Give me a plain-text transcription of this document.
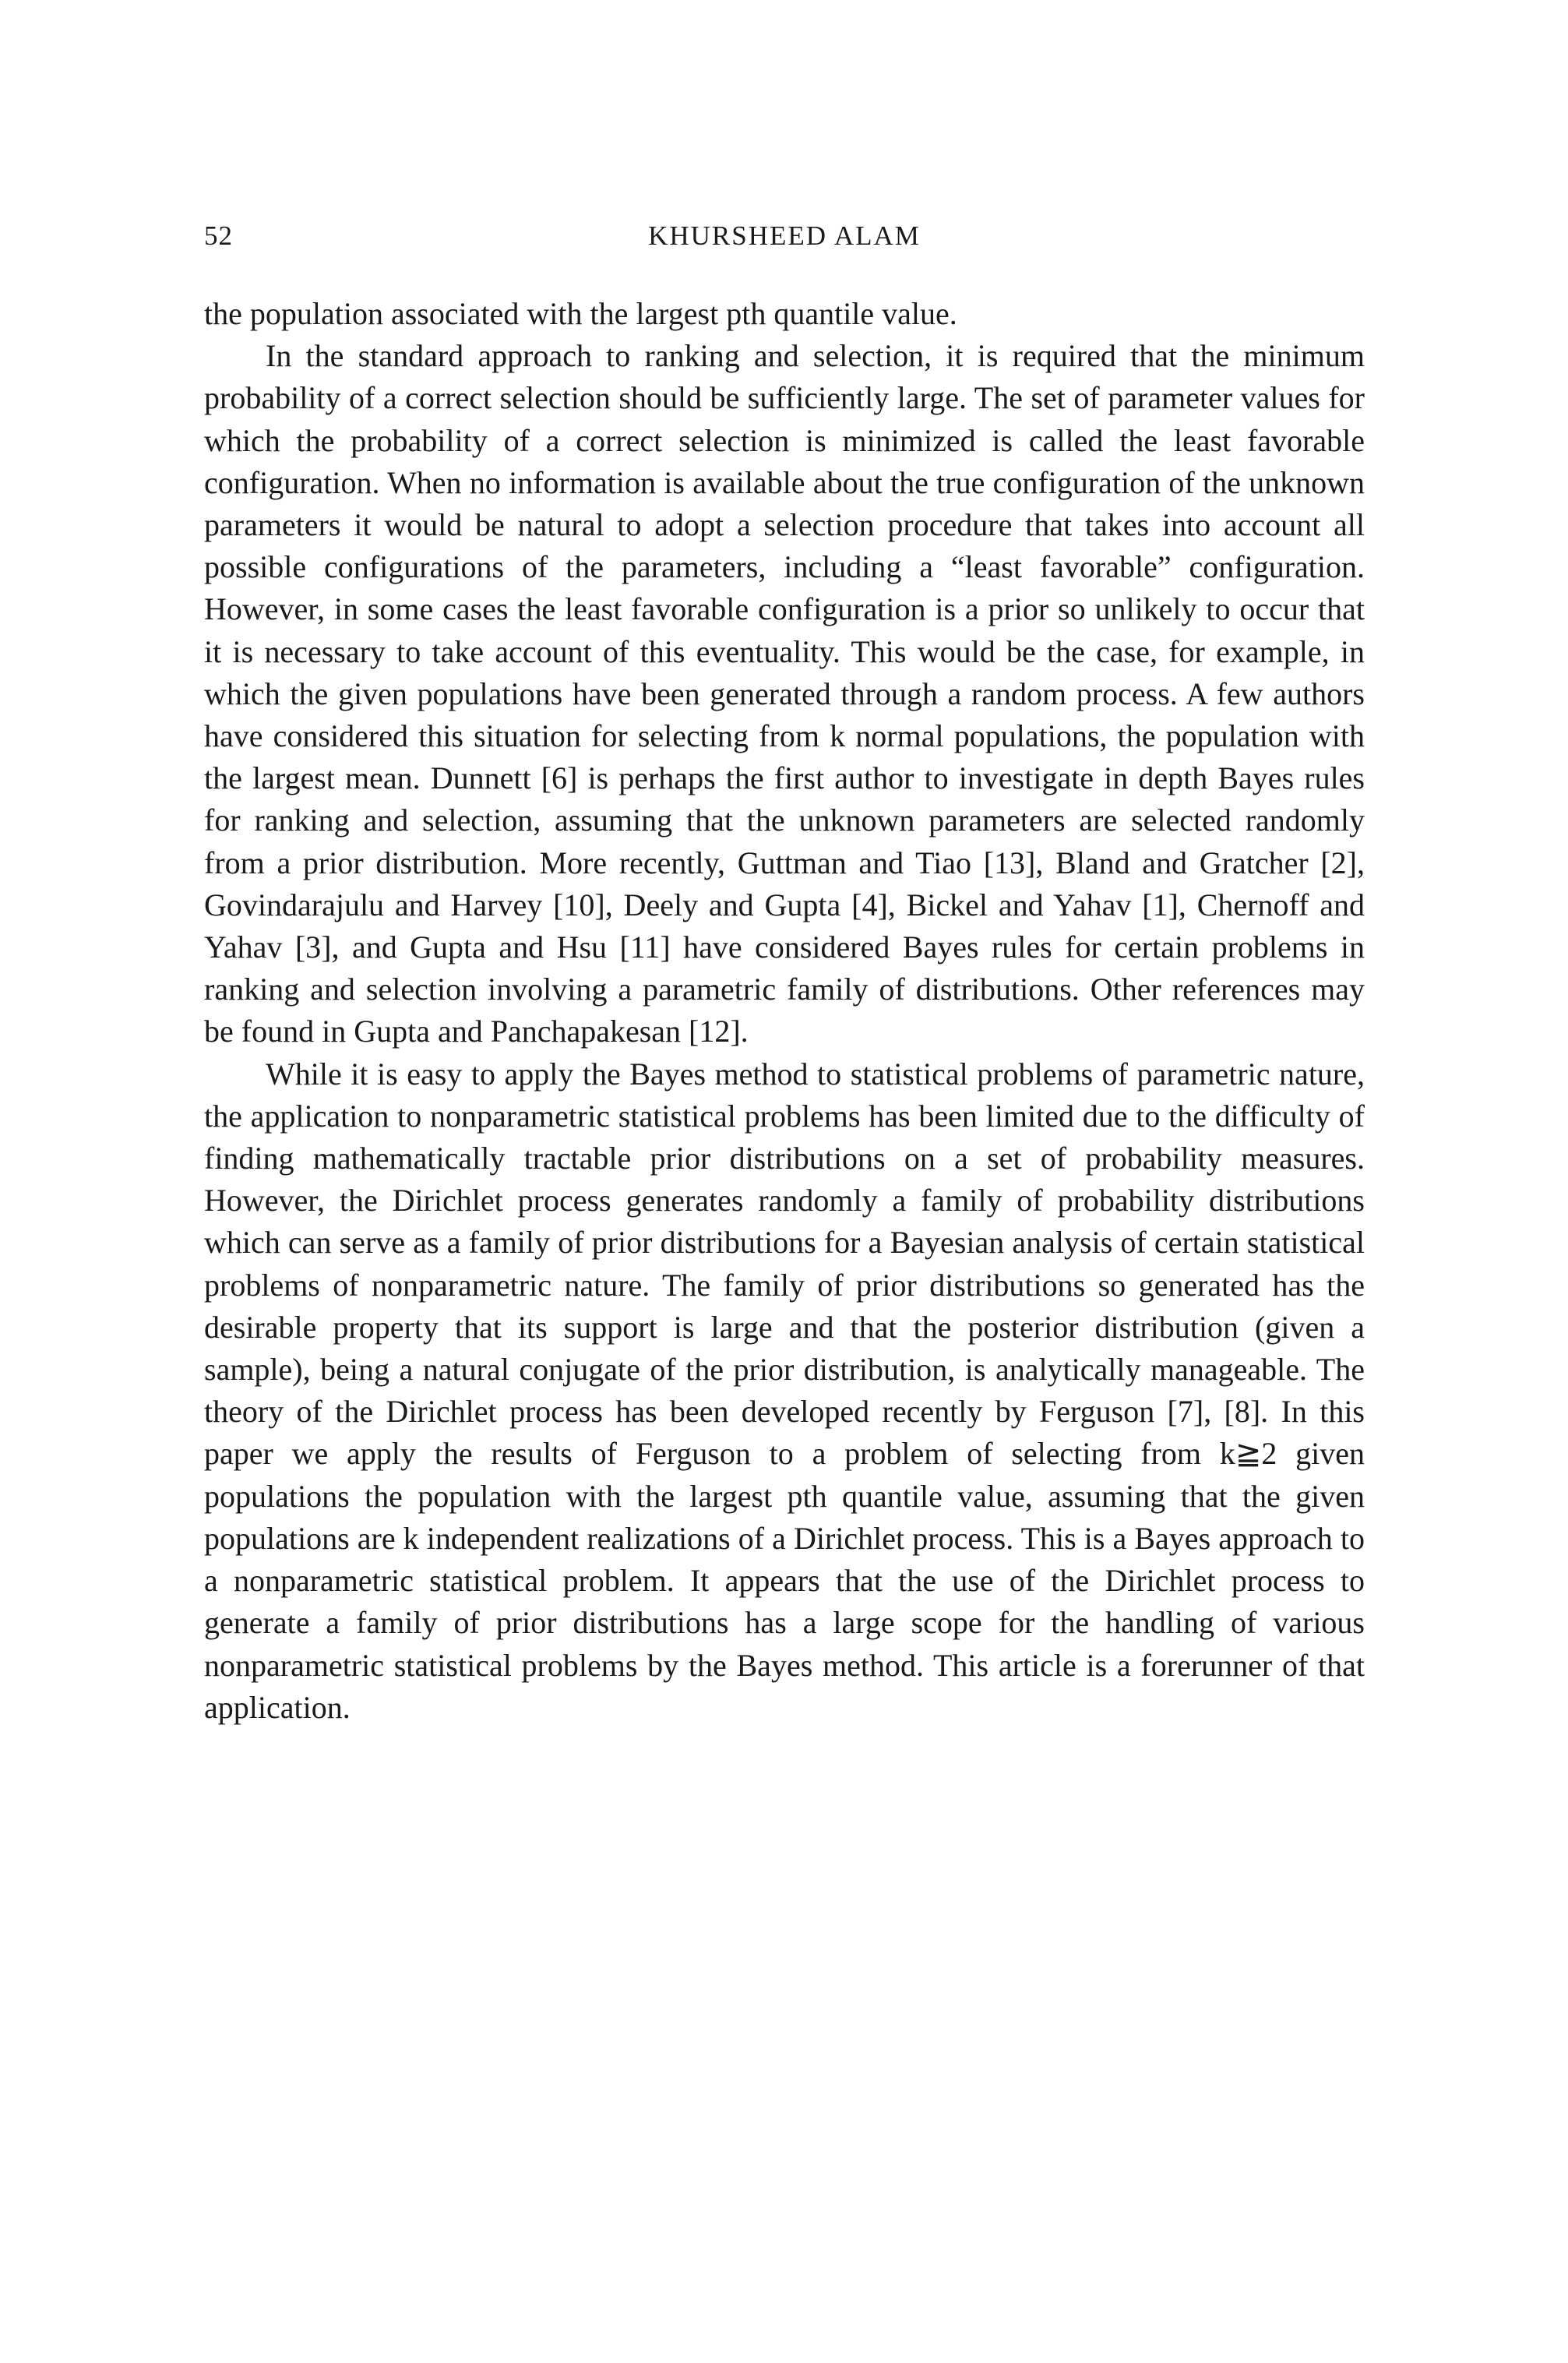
52	KHURSHEED ALAM

the population associated with the largest pth quantile value.

In the standard approach to ranking and selection, it is required that the minimum probability of a correct selection should be sufficiently large. The set of parameter values for which the probability of a correct selection is minimized is called the least favorable configuration. When no information is available about the true configuration of the unknown parameters it would be natural to adopt a selection procedure that takes into account all possible configurations of the parameters, including a “least favorable” configuration. However, in some cases the least favorable configuration is a prior so unlikely to occur that it is necessary to take account of this eventuality. This would be the case, for example, in which the given populations have been generated through a random process. A few authors have considered this situation for selecting from k normal populations, the population with the largest mean. Dunnett [6] is perhaps the first author to investigate in depth Bayes rules for ranking and selection, assuming that the unknown parameters are selected randomly from a prior distribution. More recently, Guttman and Tiao [13], Bland and Gratcher [2], Govindarajulu and Harvey [10], Deely and Gupta [4], Bickel and Yahav [1], Chernoff and Yahav [3], and Gupta and Hsu [11] have considered Bayes rules for certain problems in ranking and selection involving a parametric family of distributions. Other references may be found in Gupta and Panchapakesan [12].

While it is easy to apply the Bayes method to statistical problems of parametric nature, the application to nonparametric statistical problems has been limited due to the difficulty of finding mathematically tractable prior distributions on a set of probability measures. However, the Dirichlet process generates randomly a family of probability distributions which can serve as a family of prior distributions for a Bayesian analysis of certain statistical problems of nonparametric nature. The family of prior distributions so generated has the desirable property that its support is large and that the posterior distribution (given a sample), being a natural conjugate of the prior distribution, is analytically manageable. The theory of the Dirichlet process has been developed recently by Ferguson [7], [8]. In this paper we apply the results of Ferguson to a problem of selecting from k≧2 given populations the population with the largest pth quantile value, assuming that the given populations are k independent realizations of a Dirichlet process. This is a Bayes approach to a nonparametric statistical problem. It appears that the use of the Dirichlet process to generate a family of prior distributions has a large scope for the handling of various nonparametric statistical problems by the Bayes method. This article is a forerunner of that application.
